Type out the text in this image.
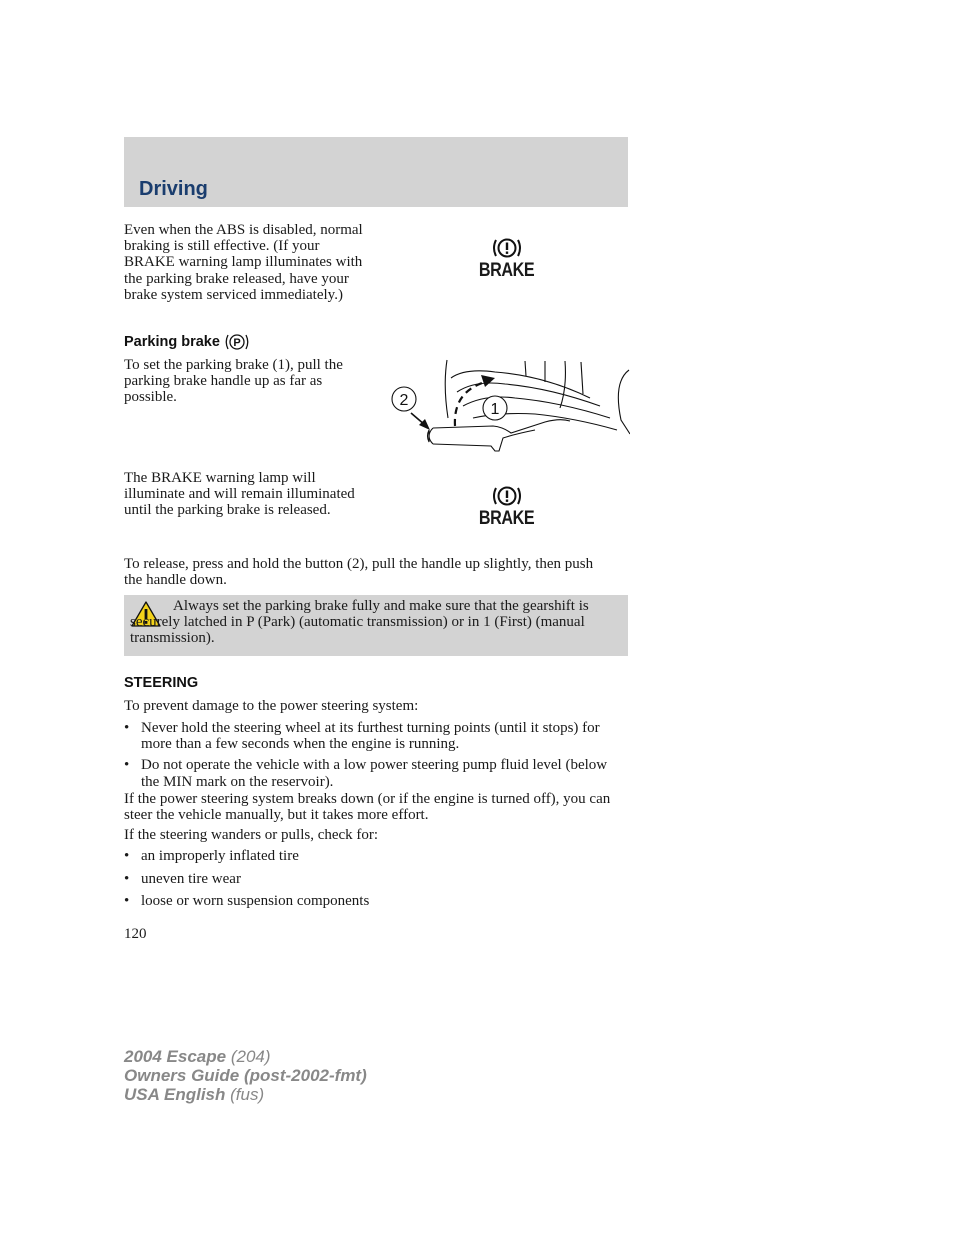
Driving
Even when the ABS is disabled, normal braking is still effective. (If your BRAKE warning lamp illuminates with the parking brake released, have your brake system serviced immediately.)
BRAKE
Parking brake P
To set the parking brake (1), pull the parking brake handle up as far as possible.	2
1
The BRAKE warning lamp will illuminate and will remain illuminated until the parking brake is released.	BRAKE
To release, press and hold the button (2), pull the handle up slightly, then push the handle down.
Always set the parking brake fully and make sure that the gearshift is securely latched in P (Park) (automatic transmission) or in 1 (First) (manual transmission).
STEERING
To prevent damage to the power steering system:
• Never hold the steering wheel at its furthest turning points (until it stops) for more than a few seconds when the engine is running.
• Do not operate the vehicle with a low power steering pump fluid level (below the MIN mark on the reservoir).
If the power steering system breaks down (or if the engine is turned off), you can steer the vehicle manually, but it takes more effort.
If the steering wanders or pulls, check for:
• an improperly inflated tire
• uneven tire wear
• loose or worn suspension components
120
2004 Escape (204)
Owners Guide (post-2002-fmt)
USA English (fus)
